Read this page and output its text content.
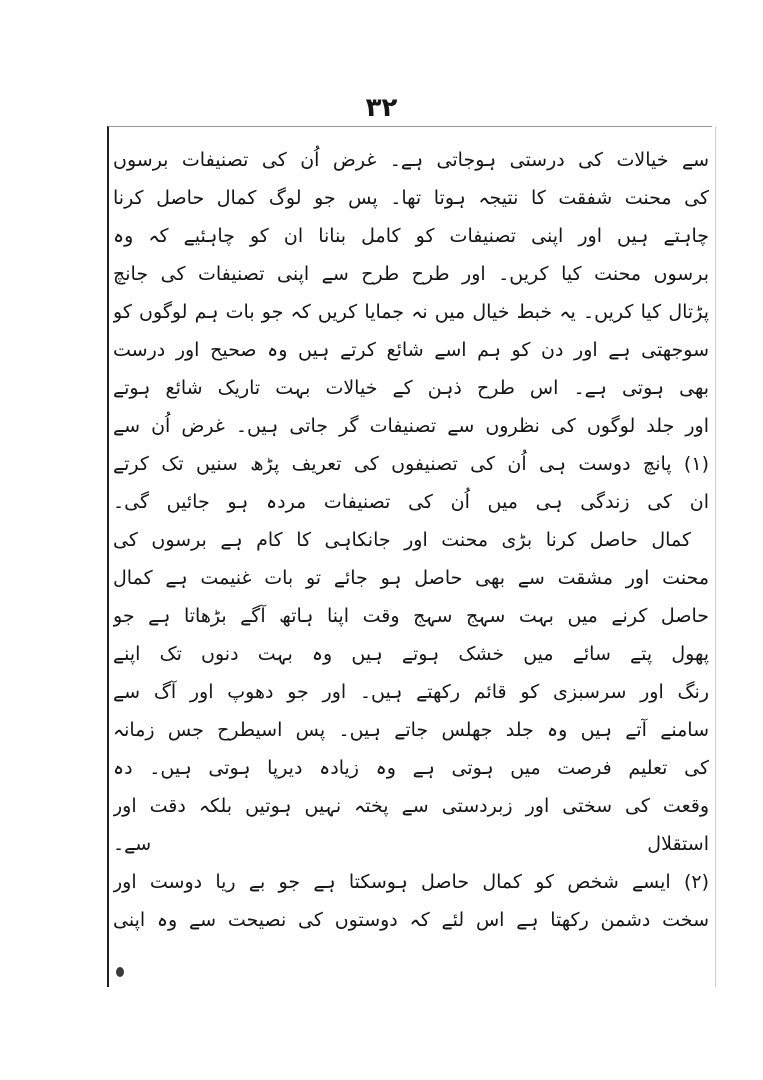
۳۲
سے خیالات کی درستی ہوجاتی ہے۔ غرض اُن کی تصنیفات برسوں
کی محنت شفقت کا نتیجہ ہوتا تھا۔ پس جو لوگ کمال حاصل کرنا
چاہتے ہیں اور اپنی تصنیفات کو کامل بنانا ان کو چاہئیے کہ وہ
برسوں محنت کیا کریں۔ اور طرح طرح سے اپنی تصنیفات کی جانچ
پڑتال کیا کریں۔ یہ خبط خیال میں نہ جمایا کریں کہ جو بات ہم لوگوں کو
سوجھتی ہے اور دن کو ہم اسے شائع کرتے ہیں وہ صحیح اور درست
بھی ہوتی ہے۔ اس طرح ذہن کے خیالات بہت تاریک شائع ہوتے
اور جلد لوگوں کی نظروں سے تصنیفات گر جاتی ہیں۔ غرض اُن سے
(۱) پانچ دوست ہی اُن کی تصنیفوں کی تعریف پڑھ سنیں تک کرتے
ان کی زندگی ہی میں اُن کی تصنیفات مردہ ہو جائیں گی۔
کمال حاصل کرنا بڑی محنت اور جانکاہی کا کام ہے برسوں کی
محنت اور مشقت سے بھی حاصل ہو جائے تو بات غنیمت ہے کمال
حاصل کرنے میں بہت سہج سہج وقت اپنا ہاتھ آگے بڑھاتا ہے جو
پھول پتے سائے میں خشک ہوتے ہیں وہ بہت دنوں تک اپنے
رنگ اور سرسبزی کو قائم رکھتے ہیں۔ اور جو دھوپ اور آگ سے
سامنے آتے ہیں وہ جلد جھلس جاتے ہیں۔ پس اسیطرح جس زمانہ
کی تعلیم فرصت میں ہوتی ہے وہ زیادہ دیرپا ہوتی ہیں۔ دہ
وقعت کی سختی اور زبردستی سے پختہ نہیں ہوتیں بلکہ دقت اور
استقلال سے۔
(۲) ایسے شخص کو کمال حاصل ہوسکتا ہے جو بے ریا دوست اور
سخت دشمن رکھتا ہے اس لئے کہ دوستوں کی نصیحت سے وہ اپنی
